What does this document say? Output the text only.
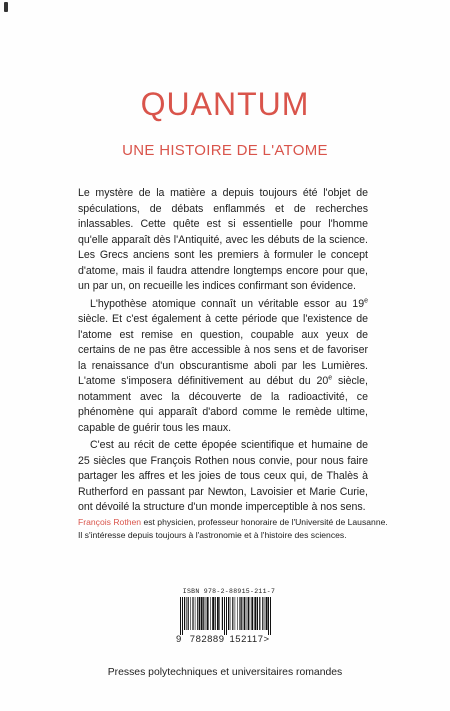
QUANTUM
UNE HISTOIRE DE L'ATOME

Le mystère de la matière a depuis toujours été l'objet de spéculations, de débats enflammés et de recherches inlassables. Cette quête est si essentielle pour l'homme qu'elle apparaît dès l'Antiquité, avec les débuts de la science. Les Grecs anciens sont les premiers à formuler le concept d'atome, mais il faudra attendre longtemps encore pour que, un par un, on recueille les indices confirmant son évidence.

L'hypothèse atomique connaît un véritable essor au 19e siècle. Et c'est également à cette période que l'existence de l'atome est remise en question, coupable aux yeux de certains de ne pas être accessible à nos sens et de favoriser la renaissance d'un obscurantisme aboli par les Lumières. L'atome s'imposera définitivement au début du 20e siècle, notamment avec la découverte de la radioactivité, ce phénomène qui apparaît d'abord comme le remède ultime, capable de guérir tous les maux.

C'est au récit de cette épopée scientifique et humaine de 25 siècles que François Rothen nous convie, pour nous faire partager les affres et les joies de tous ceux qui, de Thalès à Rutherford en passant par Newton, Lavoisier et Marie Curie, ont dévoilé la structure d'un monde imperceptible à nos sens.

François Rothen est physicien, professeur honoraire de l'Université de Lausanne.
Il s'intéresse depuis toujours à l'astronomie et à l'histoire des sciences.
ISBN 978-2-88915-211-7
9 782889 152117>
Presses polytechniques et universitaires romandes
